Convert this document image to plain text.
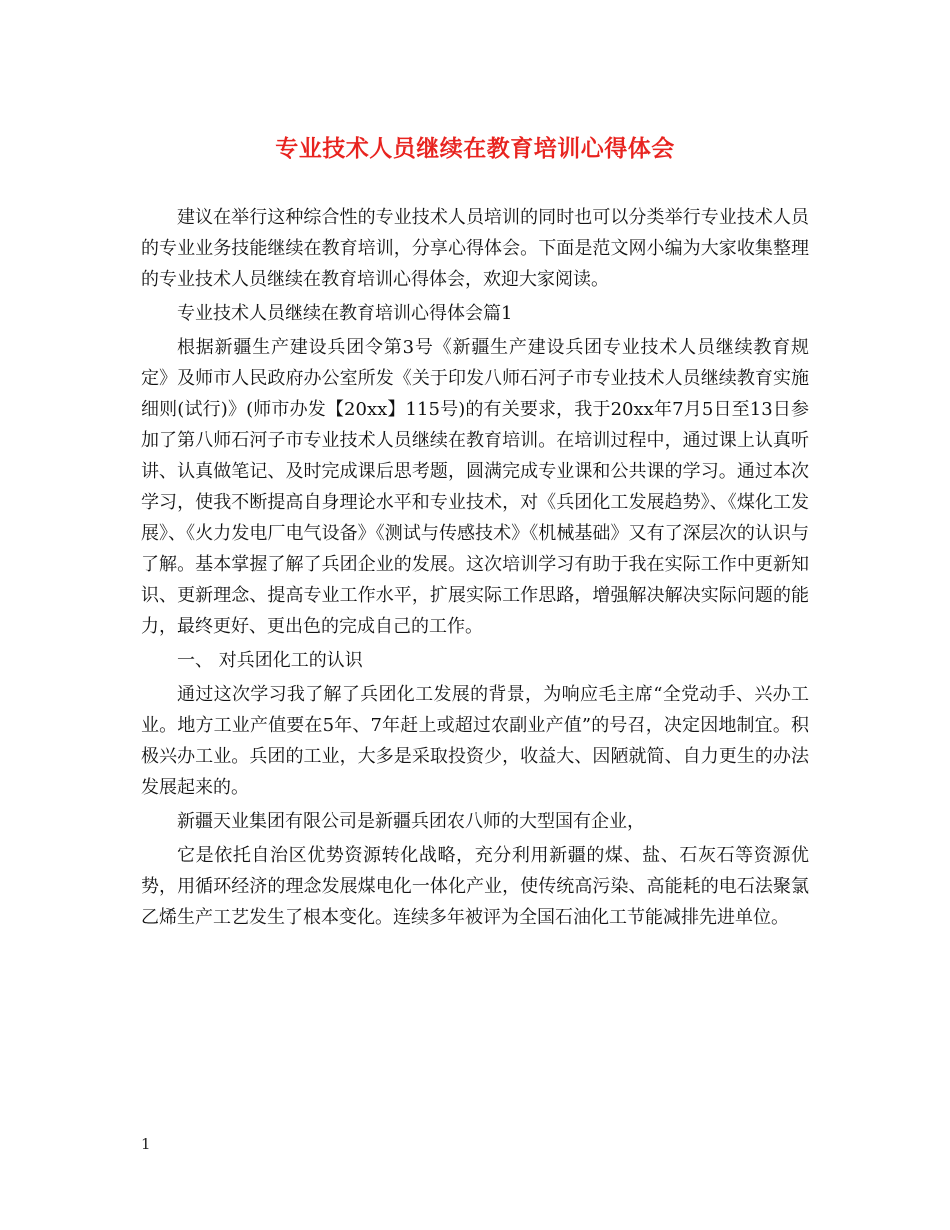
专业技术人员继续在教育培训心得体会

建议在举行这种综合性的专业技术人员培训的同时也可以分类举行专业技术人员的专业业务技能继续在教育培训，分享心得体会。下面是范文网小编为大家收集整理的专业技术人员继续在教育培训心得体会，欢迎大家阅读。

专业技术人员继续在教育培训心得体会篇1

根据新疆生产建设兵团令第3号《新疆生产建设兵团专业技术人员继续教育规定》及师市人民政府办公室所发《关于印发八师石河子市专业技术人员继续教育实施细则(试行)》(师市办发【20xx】115号)的有关要求，我于20xx年7月5日至13日参加了第八师石河子市专业技术人员继续在教育培训。在培训过程中，通过课上认真听讲、认真做笔记、及时完成课后思考题，圆满完成专业课和公共课的学习。通过本次学习，使我不断提高自身理论水平和专业技术，对《兵团化工发展趋势》、《煤化工发展》、《火力发电厂电气设备》《测试与传感技术》《机械基础》又有了深层次的认识与了解。基本掌握了解了兵团企业的发展。这次培训学习有助于我在实际工作中更新知识、更新理念、提高专业工作水平，扩展实际工作思路，增强解决解决实际问题的能力，最终更好、更出色的完成自己的工作。

一、 对兵团化工的认识

通过这次学习我了解了兵团化工发展的背景，为响应毛主席“全党动手、兴办工业。地方工业产值要在5年、7年赶上或超过农副业产值”的号召，决定因地制宜。积极兴办工业。兵团的工业，大多是采取投资少，收益大、因陋就简、自力更生的办法发展起来的。

新疆天业集团有限公司是新疆兵团农八师的大型国有企业，

它是依托自治区优势资源转化战略，充分利用新疆的煤、盐、石灰石等资源优势，用循环经济的理念发展煤电化一体化产业，使传统高污染、高能耗的电石法聚氯乙烯生产工艺发生了根本变化。连续多年被评为全国石油化工节能减排先进单位。

1
